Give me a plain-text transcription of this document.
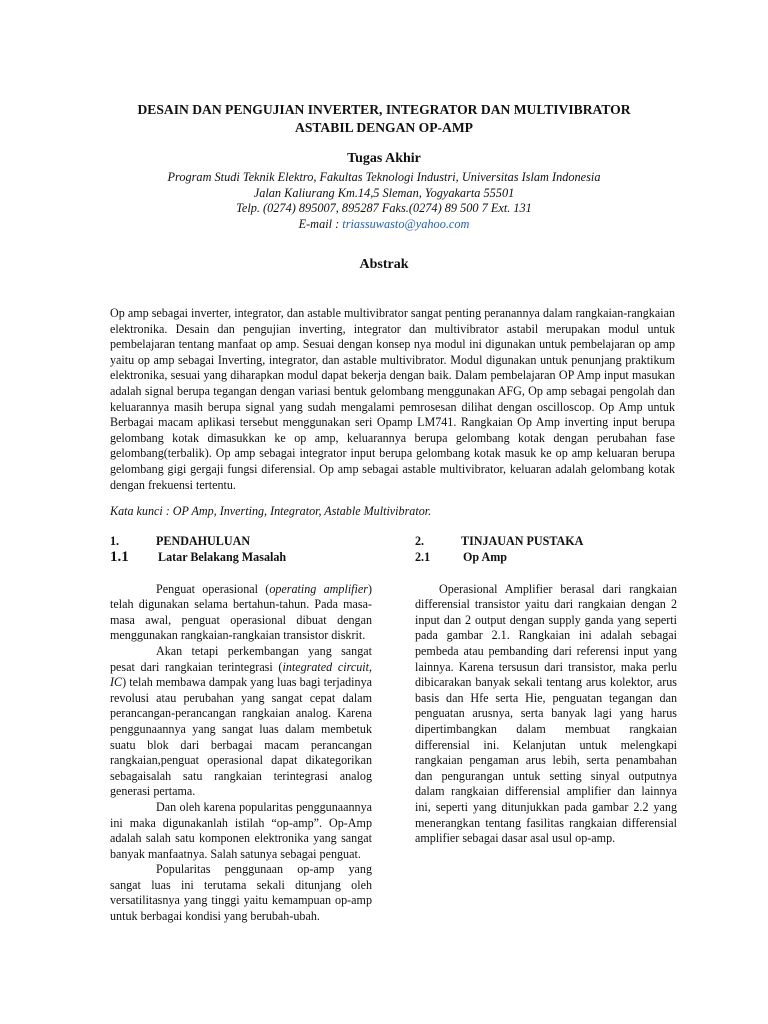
DESAIN DAN PENGUJIAN INVERTER, INTEGRATOR DAN MULTIVIBRATOR
ASTABIL DENGAN OP-AMP
Tugas Akhir
Program Studi Teknik Elektro, Fakultas Teknologi Industri, Universitas Islam Indonesia
Jalan Kaliurang Km.14,5 Sleman, Yogyakarta 55501
Telp. (0274) 895007, 895287 Faks.(0274) 89 500 7 Ext. 131
E-mail : triassuwasto@yahoo.com
Abstrak

Op amp sebagai inverter, integrator, dan astable multivibrator sangat penting peranannya dalam rangkaian-rangkaian elektronika. Desain dan pengujian inverting, integrator dan multivibrator astabil merupakan modul untuk pembelajaran tentang manfaat op amp. Sesuai dengan konsep nya modul ini digunakan untuk pembelajaran op amp yaitu op amp sebagai Inverting, integrator, dan astable multivibrator. Modul digunakan untuk penunjang praktikum elektronika, sesuai yang diharapkan modul dapat bekerja dengan baik. Dalam pembelajaran OP Amp input masukan adalah signal berupa tegangan dengan variasi bentuk gelombang menggunakan AFG, Op amp sebagai pengolah dan keluarannya masih berupa signal yang sudah mengalami pemrosesan dilihat dengan oscilloscop. Op Amp untuk Berbagai macam aplikasi tersebut menggunakan seri Opamp LM741. Rangkaian Op Amp inverting input berupa gelombang kotak dimasukkan ke op amp, keluarannya berupa gelombang kotak dengan perubahan fase gelombang(terbalik). Op amp sebagai integrator input berupa gelombang kotak masuk ke op amp keluaran berupa gelombang gigi gergaji fungsi diferensial. Op amp sebagai astable multivibrator, keluaran adalah gelombang kotak dengan frekuensi tertentu.

Kata kunci : OP Amp, Inverting, Integrator, Astable Multivibrator.

1.	PENDAHULUAN
1.1	Latar Belakang Masalah

Penguat operasional (operating amplifier) telah digunakan selama bertahun-tahun. Pada masa-masa awal, penguat operasional dibuat dengan menggunakan rangkaian-rangkaian transistor diskrit.

Akan tetapi perkembangan yang sangat pesat dari rangkaian terintegrasi (integrated circuit, IC) telah membawa dampak yang luas bagi terjadinya revolusi atau perubahan yang sangat cepat dalam perancangan-perancangan rangkaian analog. Karena penggunaannya yang sangat luas dalam membetuk suatu blok dari berbagai macam perancangan rangkaian,penguat operasional dapat dikategorikan sebagaisalah satu rangkaian terintegrasi analog generasi pertama.

Dan oleh karena popularitas penggunaannya ini maka digunakanlah istilah “op-amp”. Op-Amp adalah salah satu komponen elektronika yang sangat banyak manfaatnya. Salah satunya sebagai penguat.

Popularitas penggunaan op-amp yang sangat luas ini terutama sekali ditunjang oleh versatilitasnya yang tinggi yaitu kemampuan op-amp untuk berbagai kondisi yang berubah-ubah.

2.	TINJAUAN PUSTAKA
2.1	Op Amp

Operasional Amplifier berasal dari rangkaian differensial transistor yaitu dari rangkaian dengan 2 input dan 2 output dengan supply ganda yang seperti pada gambar 2.1. Rangkaian ini adalah sebagai pembeda atau pembanding dari referensi input yang lainnya. Karena tersusun dari transistor, maka perlu dibicarakan banyak sekali tentang arus kolektor, arus basis dan Hfe serta Hie, penguatan tegangan dan penguatan arusnya, serta banyak lagi yang harus dipertimbangkan dalam membuat rangkaian differensial ini. Kelanjutan untuk melengkapi rangkaian pengaman arus lebih, serta penambahan dan pengurangan untuk setting sinyal outputnya dalam rangkaian differensial amplifier dan lainnya ini, seperti yang ditunjukkan pada gambar 2.2 yang menerangkan tentang fasilitas rangkaian differensial amplifier sebagai dasar asal usul op-amp.
